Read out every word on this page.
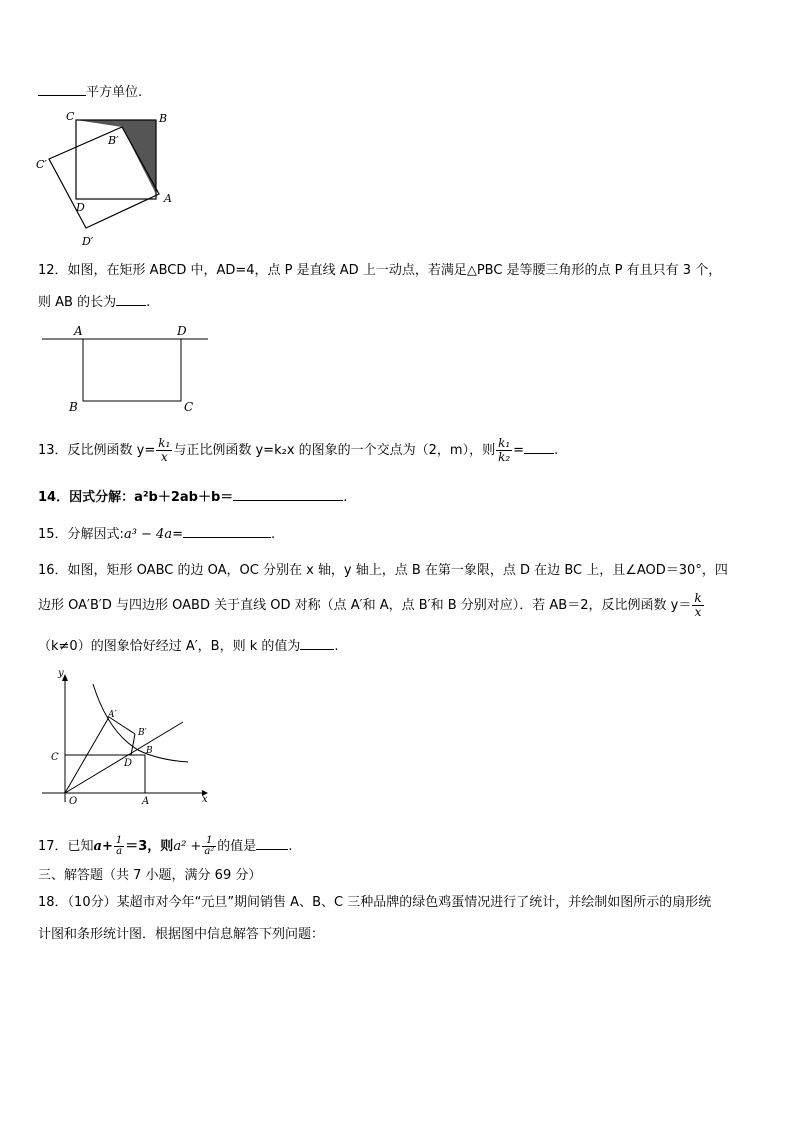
平方单位.
C	B
B′
C′
D
A
D′
12．如图，在矩形 ABCD 中，AD=4，点 P 是直线 AD 上一动点，若满足△PBC 是等腰三角形的点 P 有且只有 3 个，
则 AB 的长为 .
A	D
B	C
13．反比例函数 $y= \frac{\text{k₁}}{x}$ 与正比例函数 y=k₂x 的图象的一个交点为（2，m），则 $\frac{\text{k₁}}{\text{k₂}}$ = .
14．因式分解：a²b＋2ab＋b＝	.
15．分解因式:a³ − 4a=	.
16．如图，矩形 OABC 的边 OA，OC 分别在 x 轴，y 轴上，点 B 在第一象限，点 D 在边 BC 上，且∠AOD＝30°，四
边形 OA′B′D 与四边形 OABD 关于直线 OD 对称（点 A′和 A，点 B′和 B 分别对应）．若 AB＝2，反比例函数 $y= \frac{k}{x}$
（k≠0）的图象恰好经过 A′，B，则 k 的值为	.
y
A′
B′
B
C
D
O	A	x
17．已知$a+ \frac{1}{a} =3$，则$a^2 + \frac{1}{\text{a²}}$ 的值是 .
三、解答题（共 7 小题，满分 69 分）
18．（10分）某超市对今年“元旦”期间销售 A、B、C 三种品牌的绿色鸡蛋情况进行了统计，并绘制如图所示的扇形统
计图和条形统计图．根据图中信息解答下列问题：
